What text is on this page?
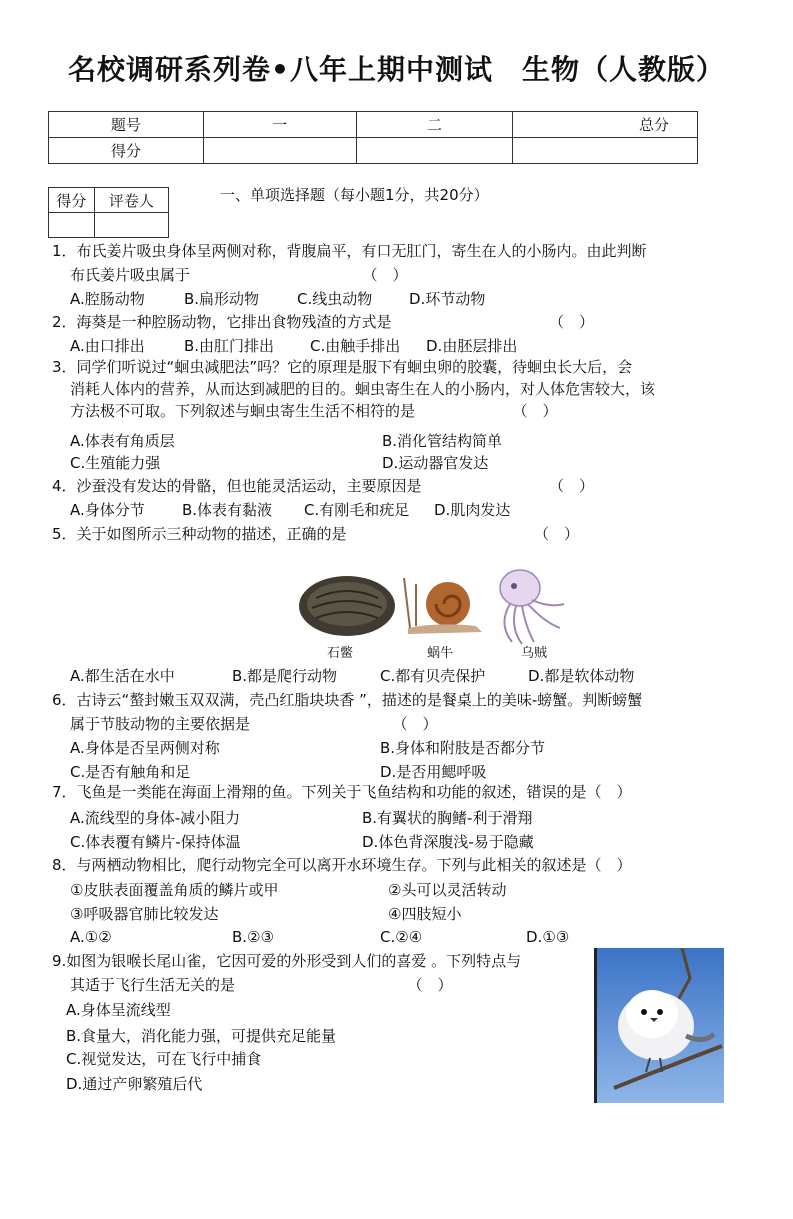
名校调研系列卷•八年上期中测试　生物（人教版）
题号	一	二	总分
得分			
得分	评卷人
		一、单项选择题（每小题1分，共20分）
1．布氏姜片吸虫身体呈两侧对称，背腹扁平，有口无肛门，寄生在人的小肠内。由此判断
布氏姜片吸虫属于　　　　　　　　　　　　（　）
A.腔肠动物	B.扁形动物	C.线虫动物 D.环节动物
2．海葵是一种腔肠动物，它排出食物残渣的方式是　　　　　　　　　　　（　）
A.由口排出	B.由肛门排出 C.由触手排出 D.由胚层排出
3．同学们听说过“蛔虫减肥法”吗？它的原理是服下有蛔虫卵的胶囊，待蛔虫长大后，会
消耗人体内的营养，从而达到减肥的目的。蛔虫寄生在人的小肠内，对人体危害较大，该
方法极不可取。下列叙述与蛔虫寄生生活不相符的是　　　　　　　（　）
A.体表有角质层	B.消化管结构简单
C.生殖能力强	D.运动器官发达
4．沙蚕没有发达的骨骼，但也能灵活运动，主要原因是　　　　　　　　　（　）
A.身体分节 B.体表有黏液 C.有刚毛和疣足 D.肌肉发达
5．关于如图所示三种动物的描述，正确的是　　　　　　　　　　　　　（　）
石鳖	蜗牛	乌贼
A.都生活在水中	B.都是爬行动物	C.都有贝壳保护	D.都是软体动物
6．古诗云“螯封嫩玉双双满，壳凸红脂块块香 ”，描述的是餐桌上的美味-螃蟹。判断螃蟹
属于节肢动物的主要依据是　　　　　　　　　　（　）
A.身体是否呈两侧对称	B.身体和附肢是否都分节
C.是否有触角和足	D.是否用鳃呼吸
7．飞鱼是一类能在海面上滑翔的鱼。下列关于飞鱼结构和功能的叙述，错误的是（　）
A.流线型的身体-减小阻力	B.有翼状的胸鳍-利于滑翔
C.体表覆有鳞片-保持体温	D.体色背深腹浅-易于隐藏
8．与两栖动物相比，爬行动物完全可以离开水环境生存。下列与此相关的叙述是（　）
①皮肤表面覆盖角质的鳞片或甲	②头可以灵活转动
③呼吸器官肺比较发达	④四肢短小
A.①②	B.②③	C.②④	D.①③
9.如图为银喉长尾山雀，它因可爱的外形受到人们的喜爱 。下列特点与
其适于飞行生活无关的是　　　　　　　　　　　　（　）
A.身体呈流线型
B.食量大，消化能力强，可提供充足能量
C.视觉发达，可在飞行中捕食
D.通过产卵繁殖后代
